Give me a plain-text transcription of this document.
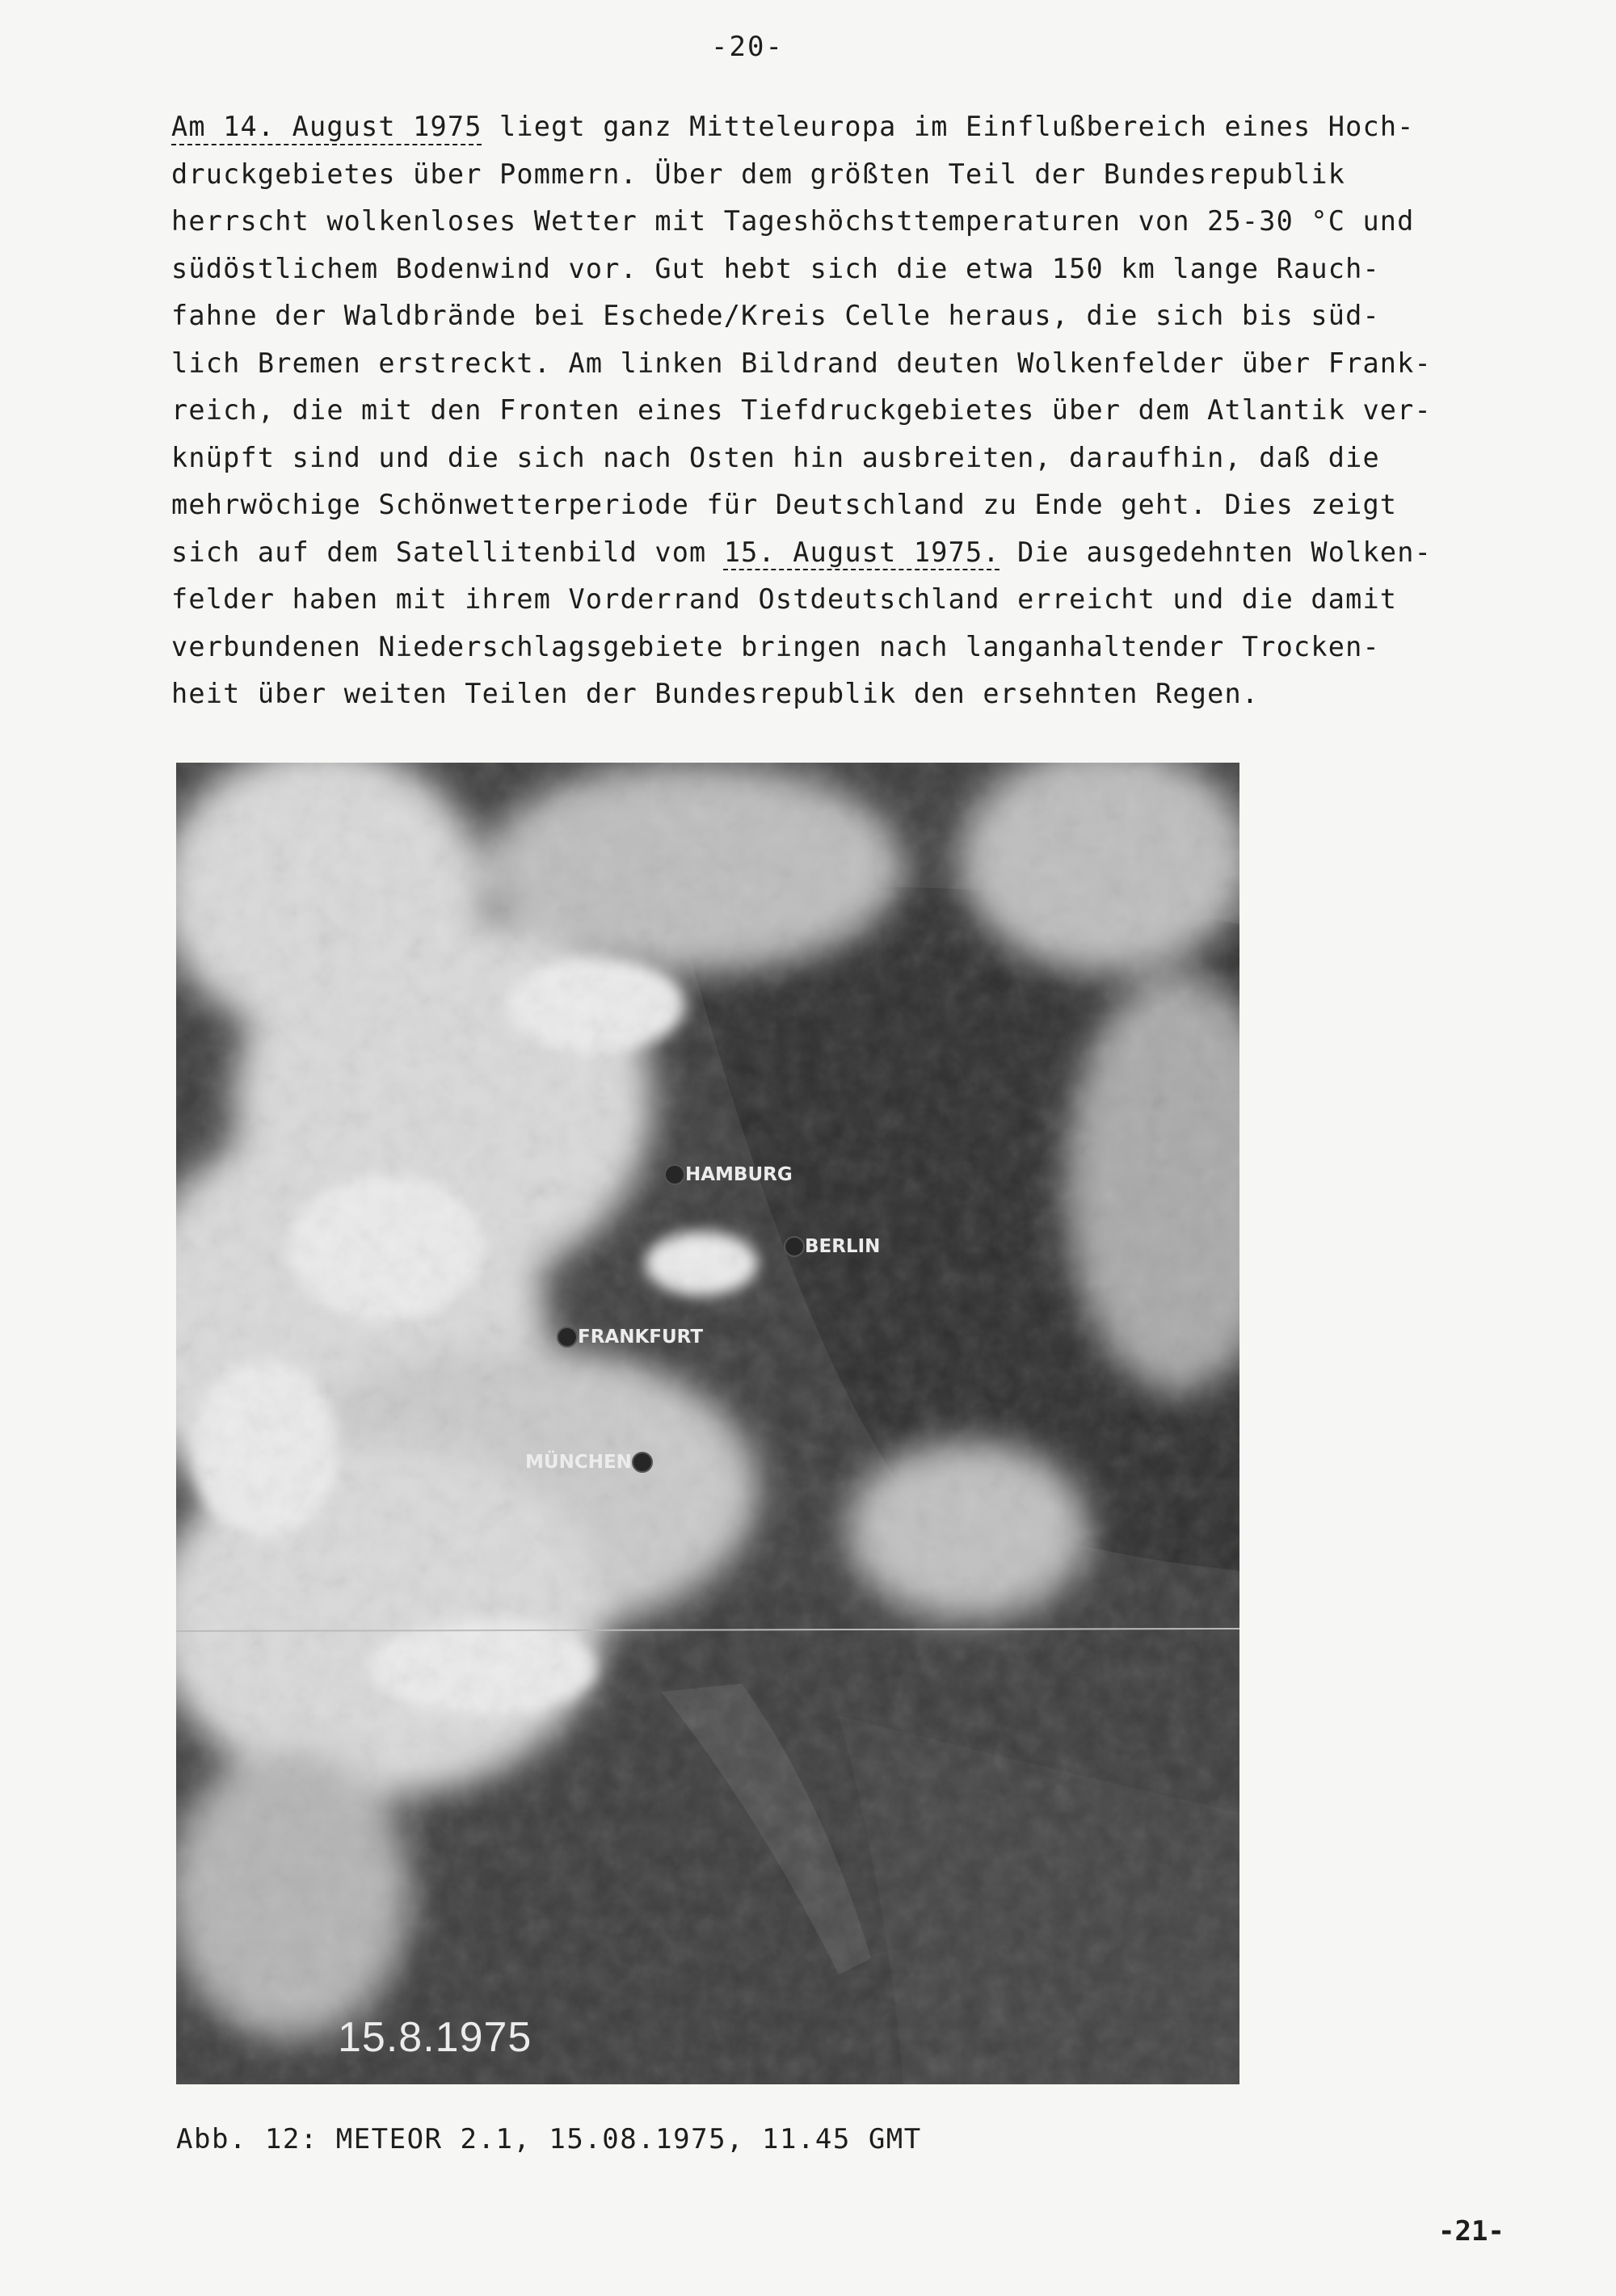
-20-
Am 14. August 1975 liegt ganz Mitteleuropa im Einflußbereich eines Hoch-
druckgebietes über Pommern. Über dem größten Teil der Bundesrepublik
herrscht wolkenloses Wetter mit Tageshöchsttemperaturen von 25-30 °C und
südöstlichem Bodenwind vor. Gut hebt sich die etwa 150 km lange Rauch-
fahne der Waldbrände bei Eschede/Kreis Celle heraus, die sich bis süd-
lich Bremen erstreckt. Am linken Bildrand deuten Wolkenfelder über Frank-
reich, die mit den Fronten eines Tiefdruckgebietes über dem Atlantik ver-
knüpft sind und die sich nach Osten hin ausbreiten, daraufhin, daß die
mehrwöchige Schönwetterperiode für Deutschland zu Ende geht. Dies zeigt
sich auf dem Satellitenbild vom 15. August 1975. Die ausgedehnten Wolken-
felder haben mit ihrem Vorderrand Ostdeutschland erreicht und die damit
verbundenen Niederschlagsgebiete bringen nach langanhaltender Trocken-
heit über weiten Teilen der Bundesrepublik den ersehnten Regen.
HAMBURG
BERLIN
FRANKFURT
MÜNCHEN
15.8.1975
Abb. 12: METEOR 2.1, 15.08.1975, 11.45 GMT
-21-
